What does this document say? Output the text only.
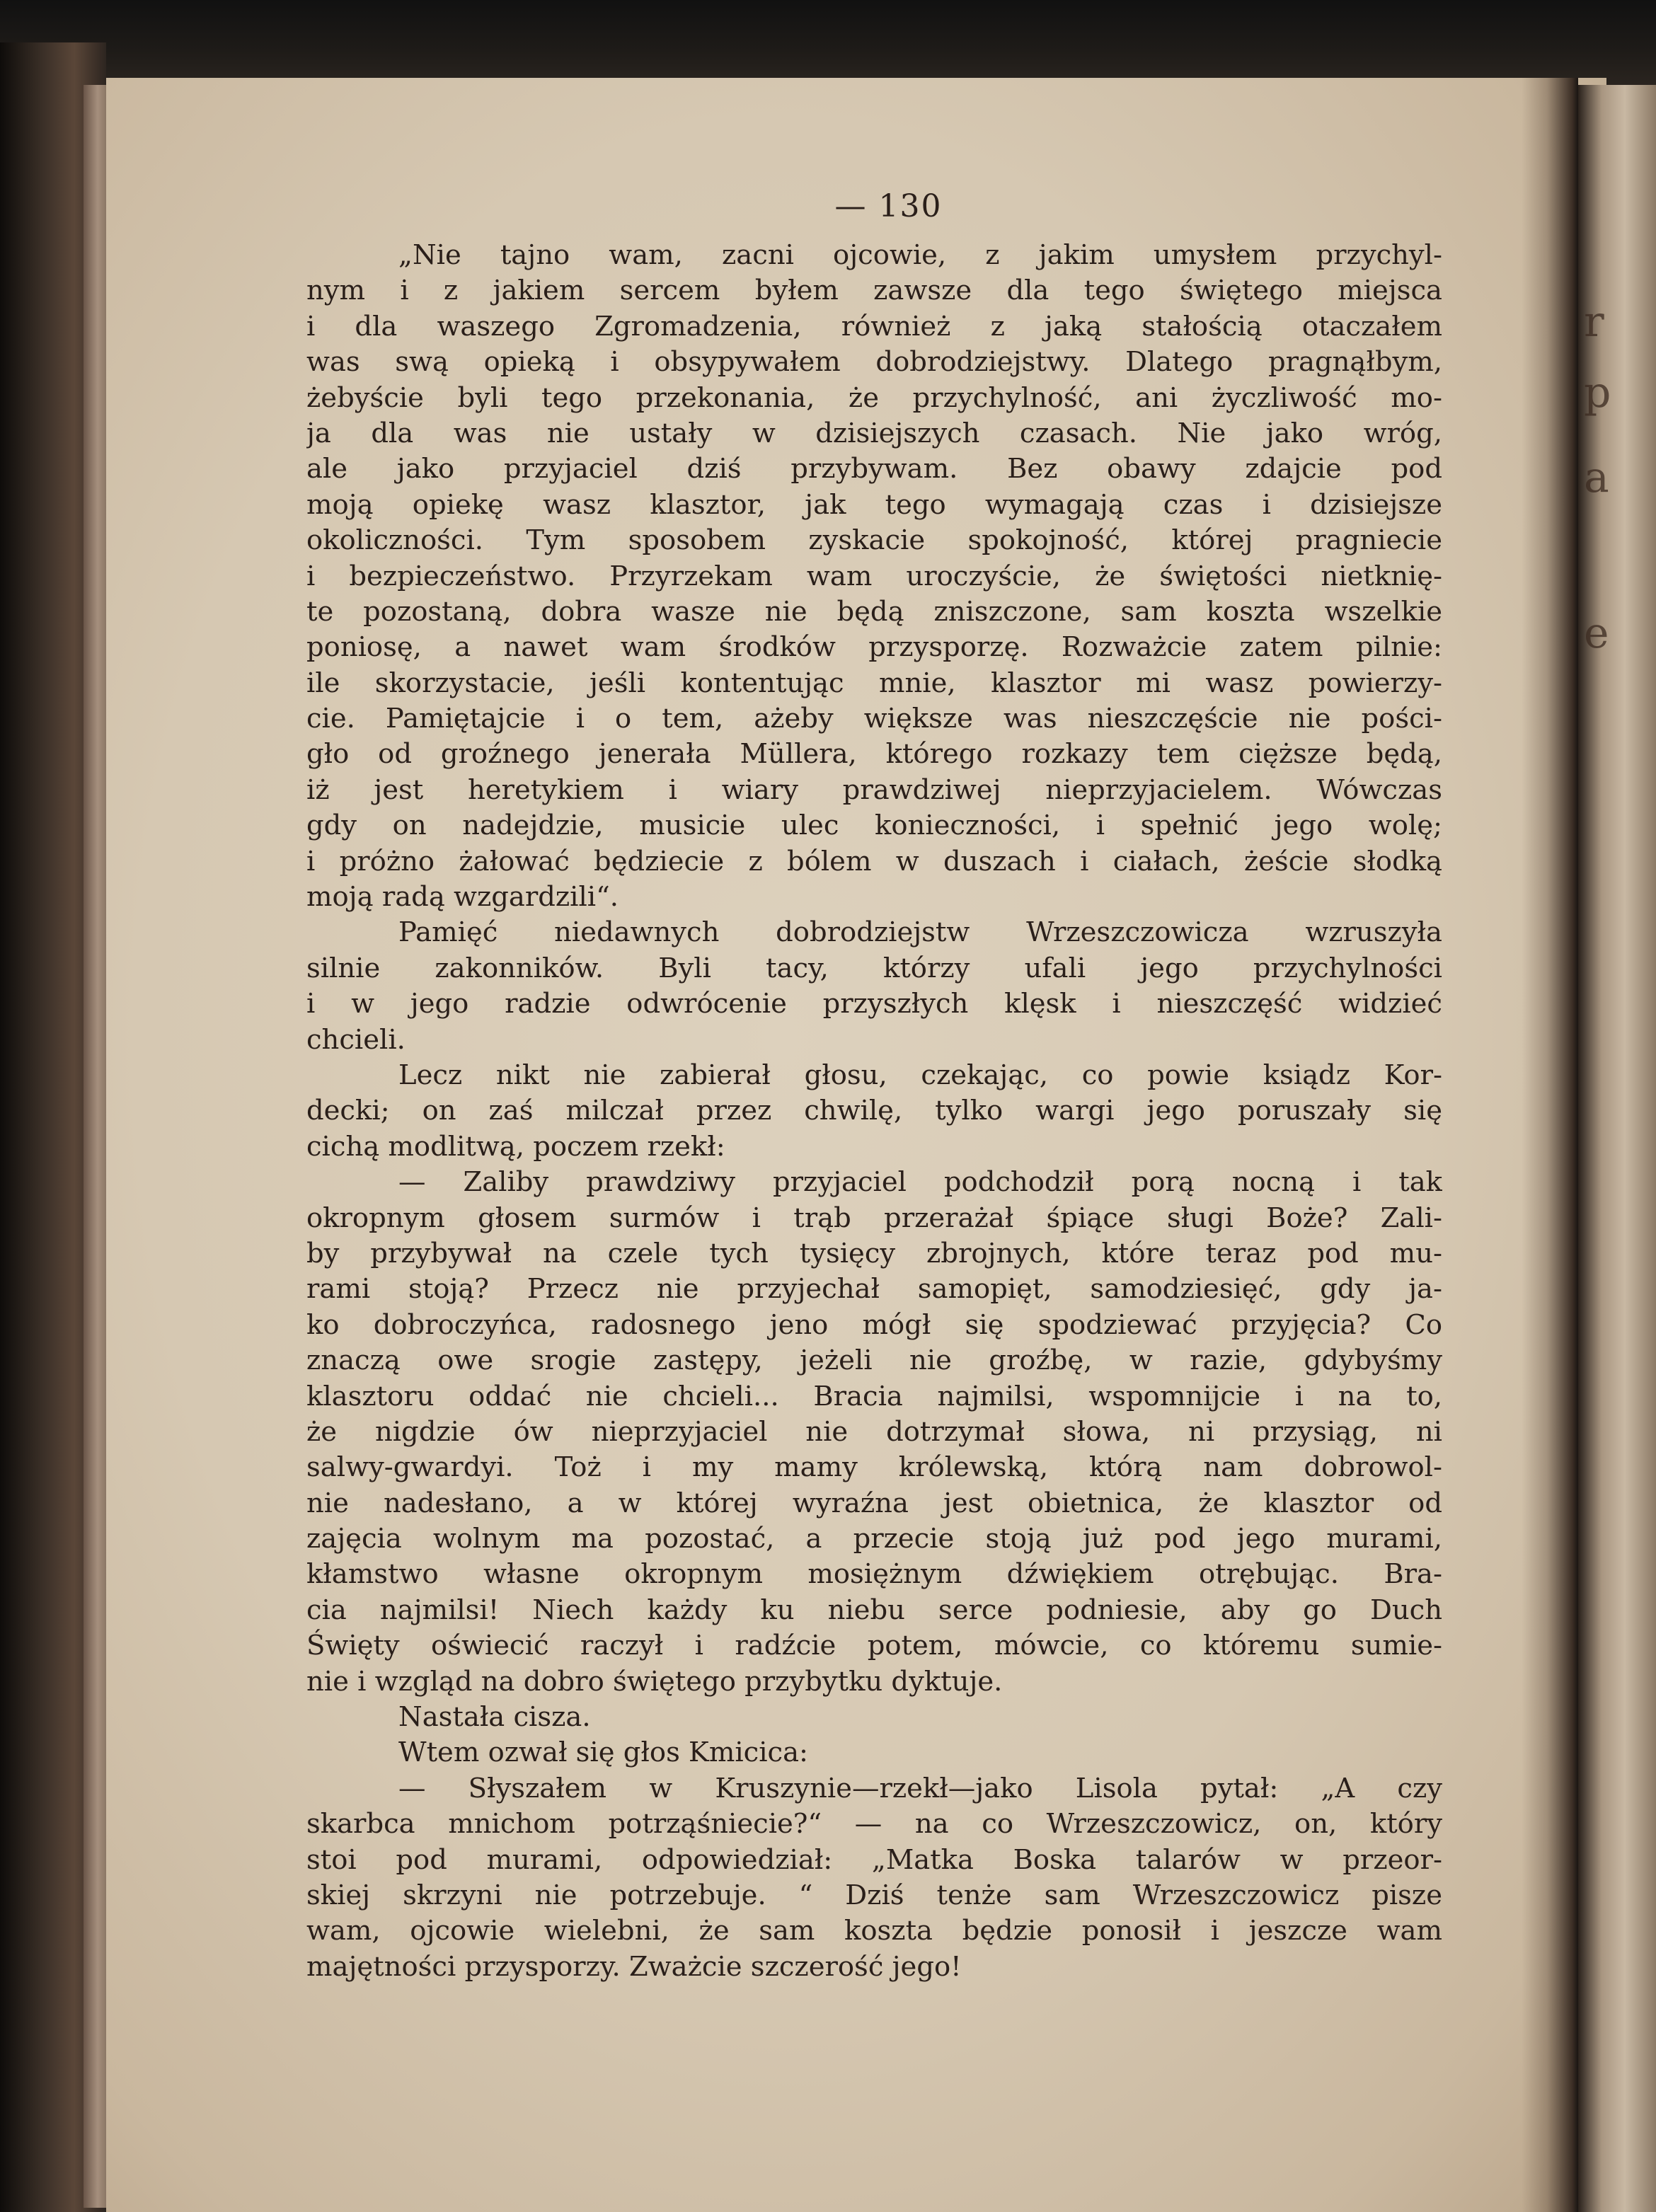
r
p
a
e
— 130
„Nie tajno wam, zacni ojcowie, z jakim umysłem przychyl-
nym i z jakiem sercem byłem zawsze dla tego świętego miejsca
i dla waszego Zgromadzenia, również z jaką stałością otaczałem
was swą opieką i obsypywałem dobrodziejstwy. Dlatego pragnąłbym,
żebyście byli tego przekonania, że przychylność, ani życzliwość mo-
ja dla was nie ustały w dzisiejszych czasach. Nie jako wróg,
ale jako przyjaciel dziś przybywam. Bez obawy zdajcie pod
moją opiekę wasz klasztor, jak tego wymagają czas i dzisiejsze
okoliczności. Tym sposobem zyskacie spokojność, której pragniecie
i bezpieczeństwo. Przyrzekam wam uroczyście, że świętości nietknię-
te pozostaną, dobra wasze nie będą zniszczone, sam koszta wszelkie
poniosę, a nawet wam środków przysporzę. Rozważcie zatem pilnie:
ile skorzystacie, jeśli kontentując mnie, klasztor mi wasz powierzy-
cie. Pamiętajcie i o tem, ażeby większe was nieszczęście nie pości-
gło od groźnego jenerała Müllera, którego rozkazy tem cięższe będą,
iż jest heretykiem i wiary prawdziwej nieprzyjacielem. Wówczas
gdy on nadejdzie, musicie ulec konieczności, i spełnić jego wolę;
i próżno żałować będziecie z bólem w duszach i ciałach, żeście słodką
moją radą wzgardzili“.
Pamięć niedawnych dobrodziejstw Wrzeszczowicza wzruszyła
silnie zakonników. Byli tacy, którzy ufali jego przychylności
i w jego radzie odwrócenie przyszłych klęsk i nieszczęść widzieć
chcieli.
Lecz nikt nie zabierał głosu, czekając, co powie ksiądz Kor-
decki; on zaś milczał przez chwilę, tylko wargi jego poruszały się
cichą modlitwą, poczem rzekł:
— Zaliby prawdziwy przyjaciel podchodził porą nocną i tak
okropnym głosem surmów i trąb przerażał śpiące sługi Boże? Zali-
by przybywał na czele tych tysięcy zbrojnych, które teraz pod mu-
rami stoją? Przecz nie przyjechał samopięt, samodziesięć, gdy ja-
ko dobroczyńca, radosnego jeno mógł się spodziewać przyjęcia? Co
znaczą owe srogie zastępy, jeżeli nie groźbę, w razie, gdybyśmy
klasztoru oddać nie chcieli... Bracia najmilsi, wspomnijcie i na to,
że nigdzie ów nieprzyjaciel nie dotrzymał słowa, ni przysiąg, ni
salwy-gwardyi. Toż i my mamy królewską, którą nam dobrowol-
nie nadesłano, a w której wyraźna jest obietnica, że klasztor od
zajęcia wolnym ma pozostać, a przecie stoją już pod jego murami,
kłamstwo własne okropnym mosiężnym dźwiękiem otrębując. Bra-
cia najmilsi! Niech każdy ku niebu serce podniesie, aby go Duch
Święty oświecić raczył i radźcie potem, mówcie, co któremu sumie-
nie i wzgląd na dobro świętego przybytku dyktuje.
Nastała cisza.
Wtem ozwał się głos Kmicica:
— Słyszałem w Kruszynie—rzekł—jako Lisola pytał: „A czy
skarbca mnichom potrząśniecie?“ — na co Wrzeszczowicz, on, który
stoi pod murami, odpowiedział: „Matka Boska talarów w przeor-
skiej skrzyni nie potrzebuje. “ Dziś tenże sam Wrzeszczowicz pisze
wam, ojcowie wielebni, że sam koszta będzie ponosił i jeszcze wam
majętności przysporzy. Zważcie szczerość jego!
